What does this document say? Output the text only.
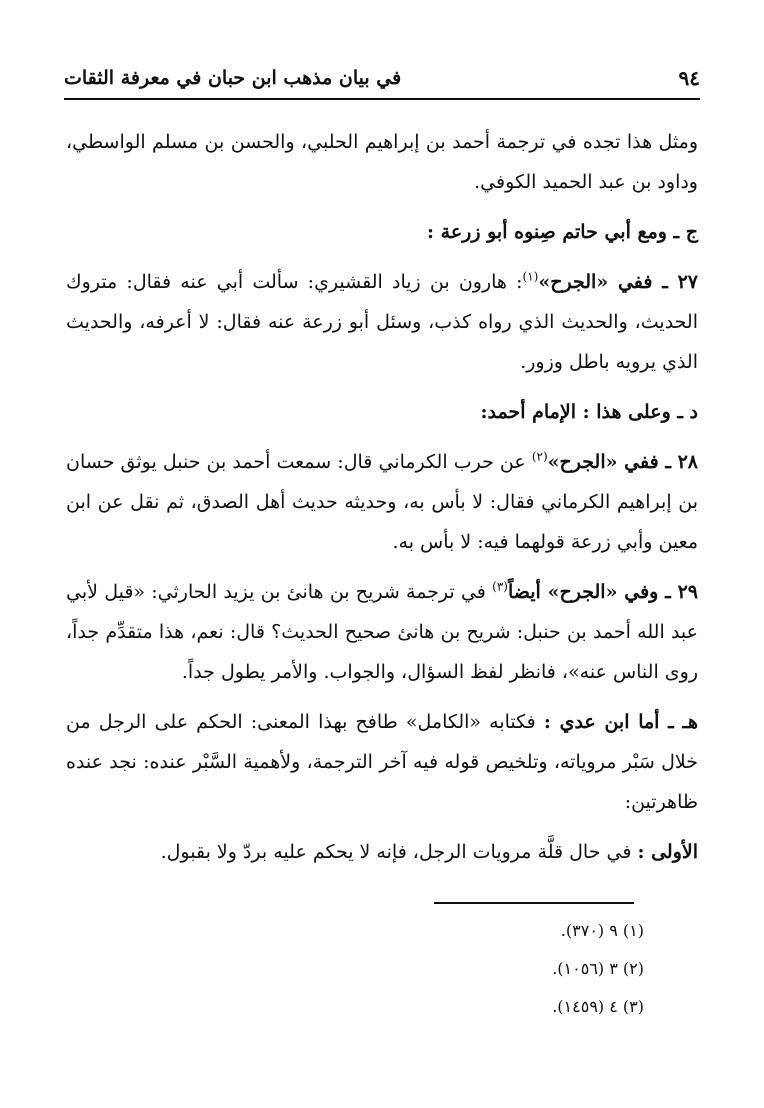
٩٤
في بيان مذهب ابن حبان في معرفة الثقات

ومثل هذا تجده في ترجمة أحمد بن إبراهيم الحلبي، والحسن بن مسلم الواسطي، وداود بن عبد الحميد الكوفي.

ج ـ ومع أبي حاتم صِنوه أبو زرعة :

٢٧ ـ ففي «الجرح»$^{(١)}$: هارون بن زياد القشيري: سألت أبي عنه فقال: متروك الحديث، والحديث الذي رواه كذب، وسئل أبو زرعة عنه فقال: لا أعرفه، والحديث الذي يرويه باطل وزور.

د ـ وعلى هذا : الإمام أحمد:

٢٨ ـ ففي «الجرح»$^{(٢)}$ عن حرب الكرماني قال: سمعت أحمد بن حنبل يوثق حسان بن إبراهيم الكرماني فقال: لا بأس به، وحديثه حديث أهل الصدق، ثم نقل عن ابن معين وأبي زرعة قولهما فيه: لا بأس به.

٢٩ ـ وفي «الجرح» أيضاً$^{(٣)}$ في ترجمة شريح بن هانئ بن يزيد الحارثي: «قيل لأبي عبد الله أحمد بن حنبل: شريح بن هانئ صحيح الحديث؟ قال: نعم، هذا متقدِّم جداً، روى الناس عنه»، فانظر لفظ السؤال، والجواب. والأمر يطول جداً.

هـ ـ أما ابن عدي : فكتابه «الكامل» طافح بهذا المعنى: الحكم على الرجل من خلال سَبْر مروياته، وتلخيص قوله فيه آخر الترجمة، ولأهمية السَّبْر عنده: نجد عنده ظاهرتين:

الأولى : في حال قلَّة مرويات الرجل، فإنه لا يحكم عليه بردّ ولا بقبول.

(١) ٩ (٣٧٠).
(٢) ٣ (١٠٥٦).
(٣) ٤ (١٤٥٩).
